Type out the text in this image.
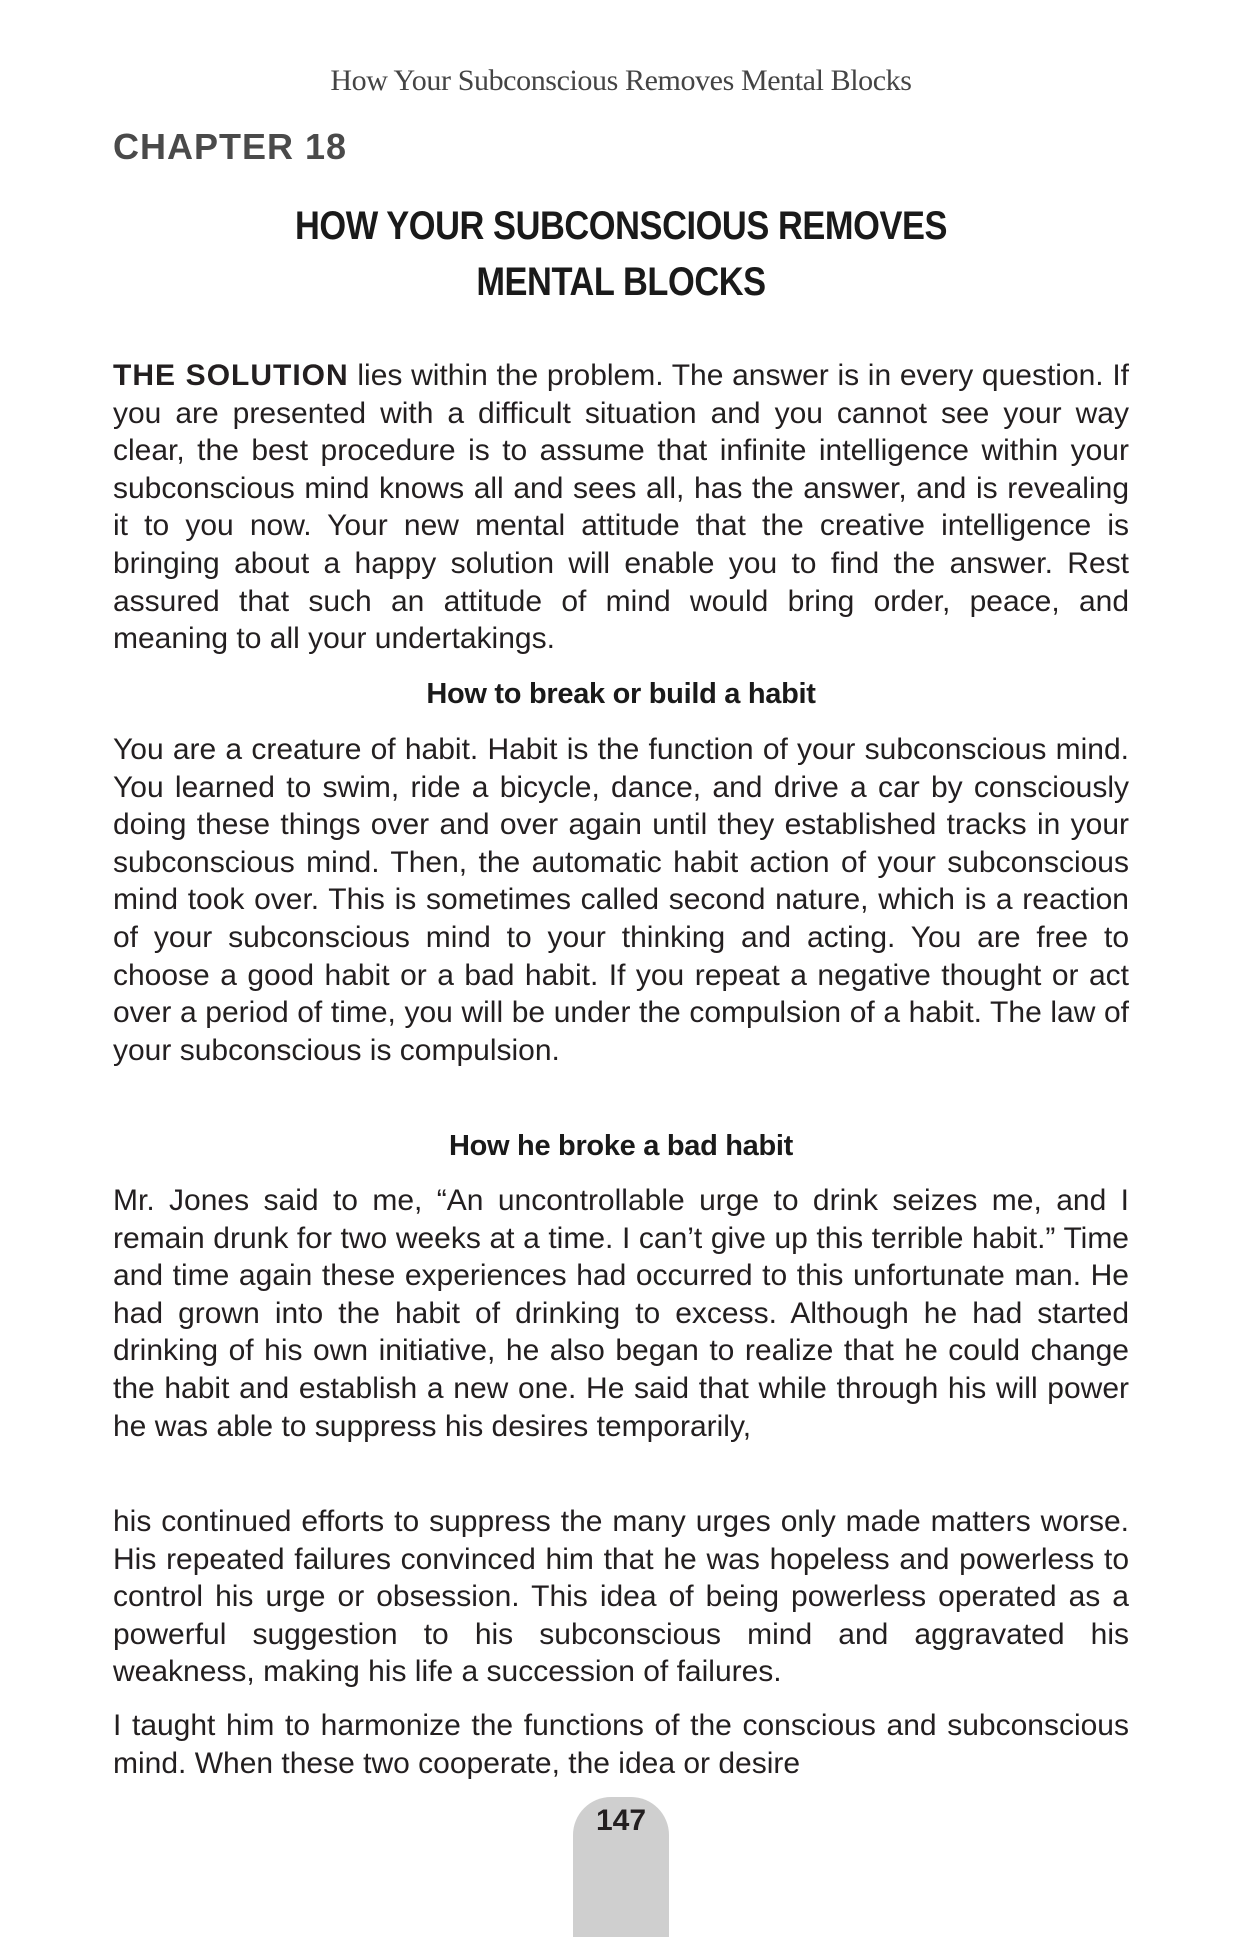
How Your Subconscious Removes Mental Blocks
CHAPTER 18
HOW YOUR SUBCONSCIOUS REMOVES
MENTAL BLOCKS
THE SOLUTION lies within the problem. The answer is in every question. If you are presented with a difficult situation and you cannot see your way clear, the best procedure is to assume that infinite intelligence within your subconscious mind knows all and sees all, has the answer, and is revealing it to you now. Your new mental attitude that the creative intelligence is bringing about a happy solution will enable you to find the answer. Rest assured that such an attitude of mind would bring order, peace, and meaning to all your undertakings.
How to break or build a habit
You are a creature of habit. Habit is the function of your subconscious mind. You learned to swim, ride a bicycle, dance, and drive a car by consciously doing these things over and over again until they established tracks in your subconscious mind. Then, the automatic habit action of your subconscious mind took over. This is sometimes called second nature, which is a reaction of your subconscious mind to your thinking and acting. You are free to choose a good habit or a bad habit. If you repeat a negative thought or act over a period of time, you will be under the compulsion of a habit. The law of your subconscious is compulsion.
How he broke a bad habit
Mr. Jones said to me, “An uncontrollable urge to drink seizes me, and I remain drunk for two weeks at a time. I can’t give up this terrible habit.” Time and time again these experiences had occurred to this unfortunate man. He had grown into the habit of drinking to excess. Although he had started drinking of his own initiative, he also began to realize that he could change the habit and establish a new one. He said that while through his will power he was able to suppress his desires temporarily,
his continued efforts to suppress the many urges only made matters worse. His repeated failures convinced him that he was hopeless and powerless to control his urge or obsession. This idea of being powerless operated as a powerful suggestion to his subconscious mind and aggravated his weakness, making his life a succession of failures.
I taught him to harmonize the functions of the conscious and subconscious mind. When these two cooperate, the idea or desire
147
